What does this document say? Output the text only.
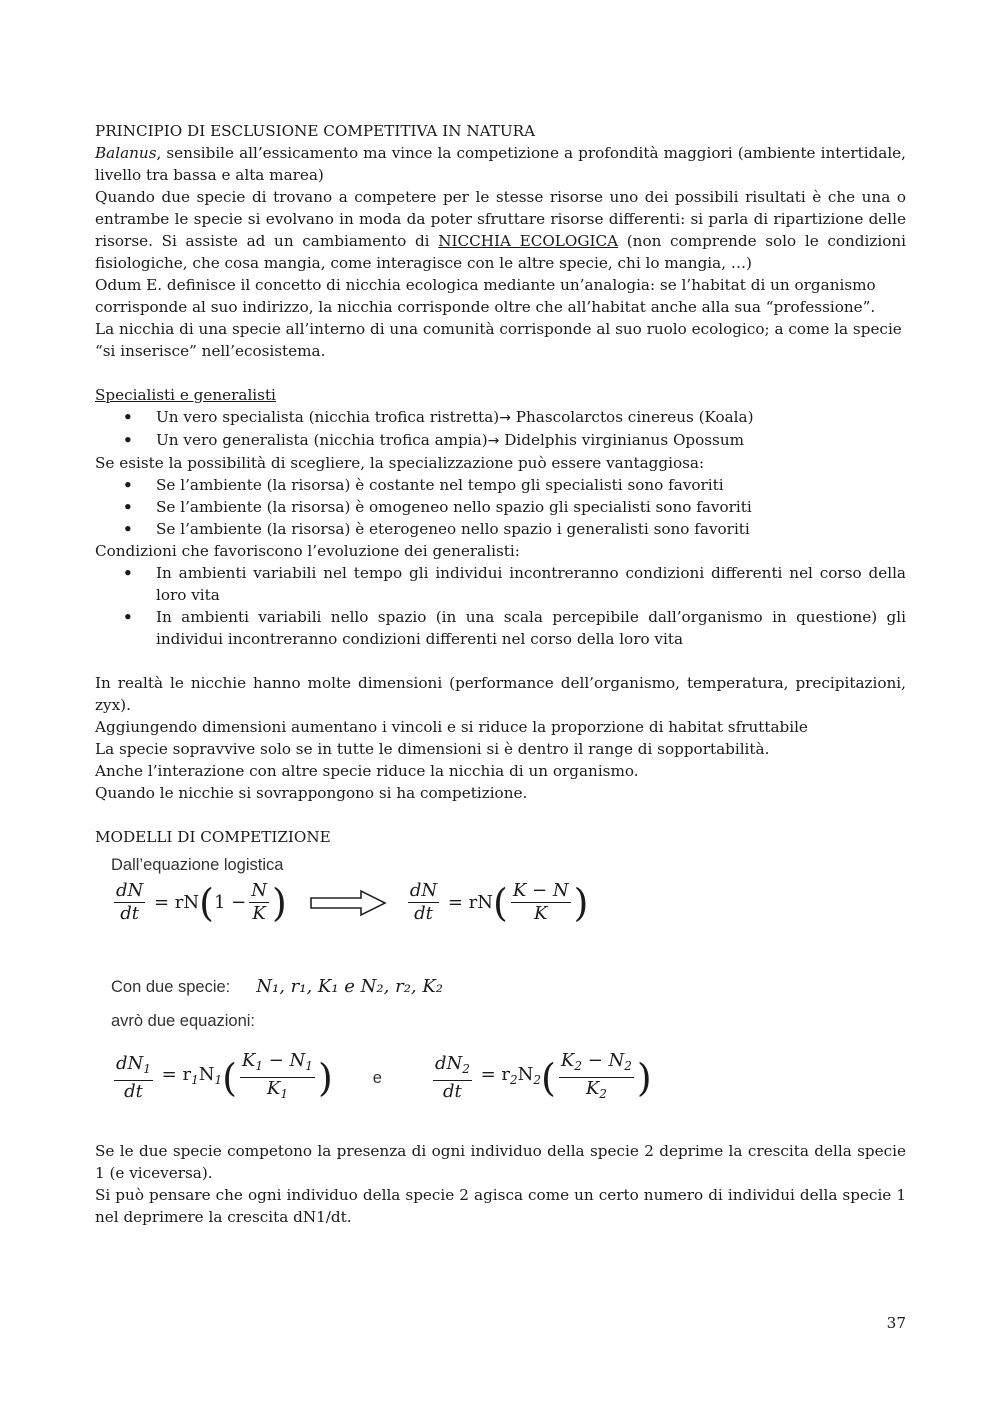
PRINCIPIO DI ESCLUSIONE COMPETITIVA IN NATURA

Balanus, sensibile all’essicamento ma vince la competizione a profondità maggiori (ambiente intertidale, livello tra bassa e alta marea)

Quando due specie di trovano a competere per le stesse risorse uno dei possibili risultati è che una o entrambe le specie si evolvano in moda da poter sfruttare risorse differenti: si parla di ripartizione delle risorse. Si assiste ad un cambiamento di NICCHIA ECOLOGICA (non comprende solo le condizioni fisiologiche, che cosa mangia, come interagisce con le altre specie, chi lo mangia, …)

Odum E. definisce il concetto di nicchia ecologica mediante un’analogia: se l’habitat di un organismo corrisponde al suo indirizzo, la nicchia corrisponde oltre che all’habitat anche alla sua “professione”.

La nicchia di una specie all’interno di una comunità corrisponde al suo ruolo ecologico; a come la specie “si inserisce” nell’ecosistema.

Specialisti e generalisti

• Un vero specialista (nicchia trofica ristretta)→ Phascolarctos cinereus (Koala)
• Un vero generalista (nicchia trofica ampia)→ Didelphis virginianus Opossum

Se esiste la possibilità di scegliere, la specializzazione può essere vantaggiosa:

• Se l’ambiente (la risorsa) è costante nel tempo gli specialisti sono favoriti
• Se l’ambiente (la risorsa) è omogeneo nello spazio gli specialisti sono favoriti
• Se l’ambiente (la risorsa) è eterogeneo nello spazio i generalisti sono favoriti

Condizioni che favoriscono l’evoluzione dei generalisti:

• In ambienti variabili nel tempo gli individui incontreranno condizioni differenti nel corso della loro vita
• In ambienti variabili nello spazio (in una scala percepibile dall’organismo in questione) gli individui incontreranno condizioni differenti nel corso della loro vita

In realtà le nicchie hanno molte dimensioni (performance dell’organismo, temperatura, precipitazioni, zyx).

Aggiungendo dimensioni aumentano i vincoli e si riduce la proporzione di habitat sfruttabile

La specie sopravvive solo se in tutte le dimensioni si è dentro il range di sopportabilità.

Anche l’interazione con altre specie riduce la nicchia di un organismo.

Quando le nicchie si sovrappongono si ha competizione.

MODELLI DI COMPETIZIONE

Dall’equazione logistica
$\frac{dN}{dt}$ = rN ( $1 - \frac{N}{K}$ )	$\frac{dN}{dt}$ = rN ( $\frac{K - N}{K}$ )
Con due specie: N₁, r₁, K₁ e N₂, r₂, K₂
avrò due equazioni:
$\frac{dN_1}{dt} = r_1N_1$ ( $\frac{K_1 - N_1}{K_1}$ ) e	$\frac{dN_2}{dt} = r_2N_2$ ( $\frac{K_2 - N_2}{K_2}$ )

Se le due specie competono la presenza di ogni individuo della specie 2 deprime la crescita della specie 1 (e viceversa).

Si può pensare che ogni individuo della specie 2 agisca come un certo numero di individui della specie 1 nel deprimere la crescita dN1/dt.

37
